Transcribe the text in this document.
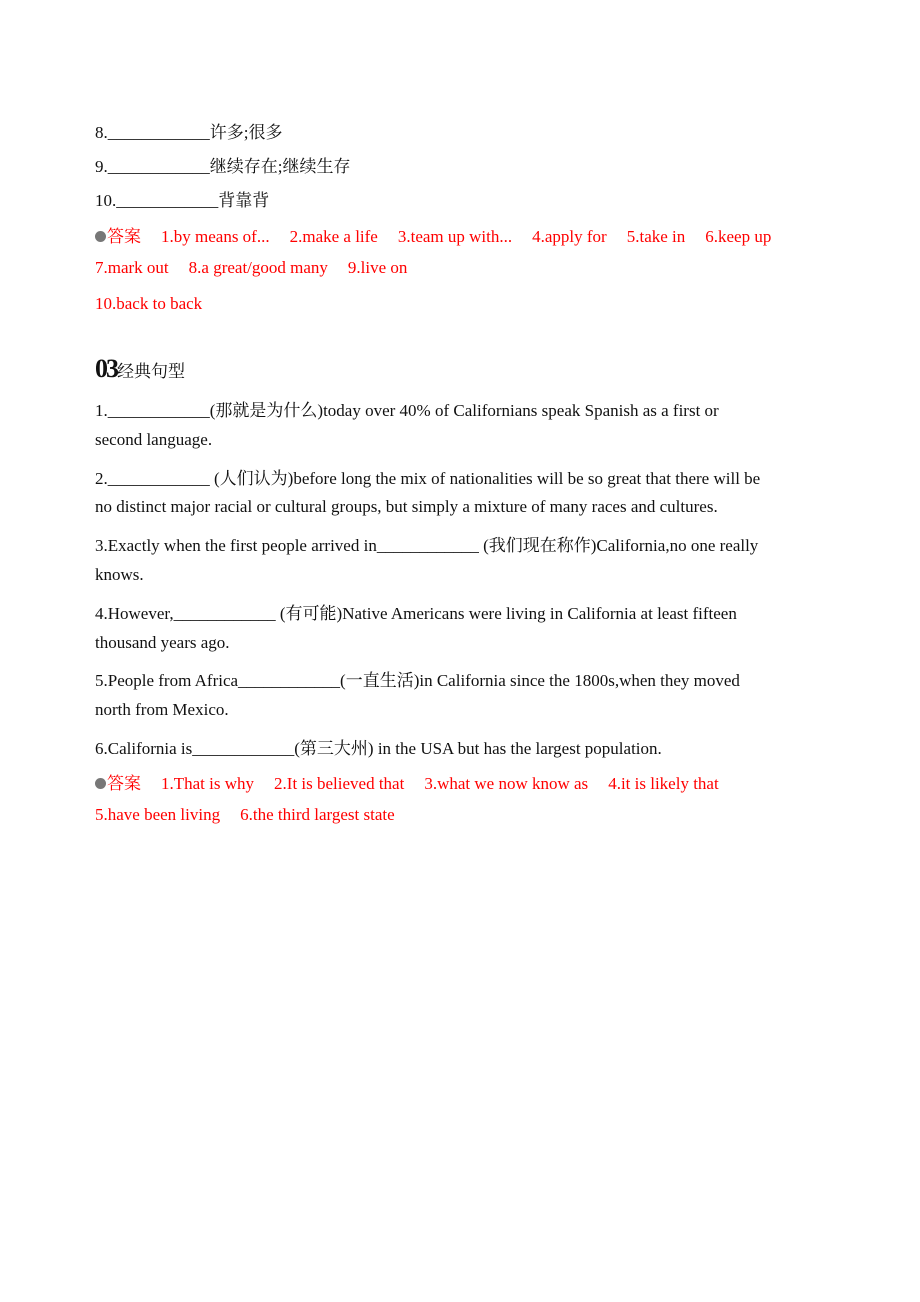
8.____________许多;很多
9.____________继续存在;继续生存
10.____________背靠背
答案 1.by means of... 2.make a life 3.team up with... 4.apply for 5.take in 6.keep up
7.mark out 8.a great/good many 9.live on
10.back to back
03经典句型
1.____________(那就是为什么)today over 40% of Californians speak Spanish as a first or
second language.
2.____________ (人们认为)before long the mix of nationalities will be so great that there will be
no distinct major racial or cultural groups, but simply a mixture of many races and cultures.
3.Exactly when the first people arrived in____________ (我们现在称作)California,no one really
knows.
4.However,____________ (有可能)Native Americans were living in California at least fifteen
thousand years ago.
5.People from Africa____________(一直生活)in California since the 1800s,when they moved
north from Mexico.
6.California is____________(第三大州) in the USA but has the largest population.
答案 1.That is why 2.It is believed that 3.what we now know as 4.it is likely that
5.have been living 6.the third largest state
